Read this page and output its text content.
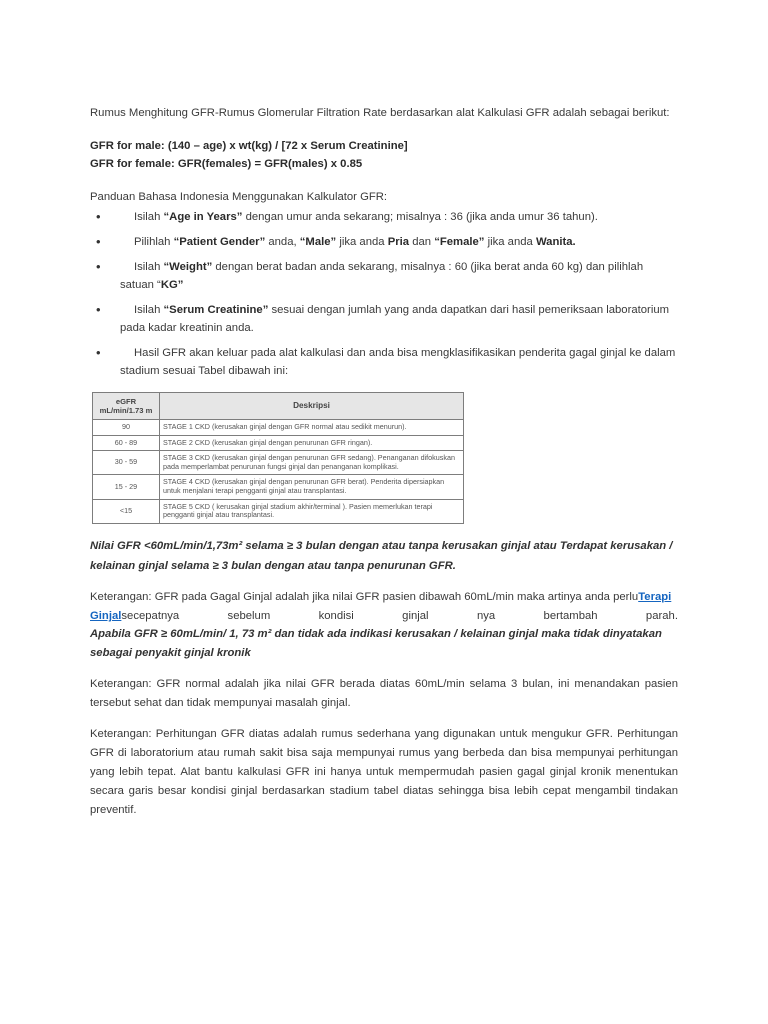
Rumus Menghitung GFR-Rumus Glomerular Filtration Rate berdasarkan alat Kalkulasi GFR adalah sebagai berikut:

GFR for male: (140 – age) x wt(kg) / [72 x Serum Creatinine]

GFR for female: GFR(females) = GFR(males) x 0.85

Panduan Bahasa Indonesia Menggunakan Kalkulator GFR:

•	Isilah “Age in Years” dengan umur anda sekarang; misalnya : 36 (jika anda umur 36 tahun).
•	Pilihlah “Patient Gender” anda, “Male” jika anda Pria dan “Female” jika anda Wanita.
•	Isilah “Weight” dengan berat badan anda sekarang, misalnya : 60 (jika berat anda 60 kg) dan pilihlah satuan “KG”
•	Isilah “Serum Creatinine” sesuai dengan jumlah yang anda dapatkan dari hasil pemeriksaan laboratorium pada kadar kreatinin anda.
•	Hasil GFR akan keluar pada alat kalkulasi dan anda bisa mengklasifikasikan penderita gagal ginjal ke dalam stadium sesuai Tabel dibawah ini:
eGFR mL/min/1.73 m	Deskripsi
90	STAGE 1 CKD (kerusakan ginjal dengan GFR normal atau sedikit menurun).
60 - 89	STAGE 2 CKD (kerusakan ginjal dengan penurunan GFR ringan).
30 - 59	STAGE 3 CKD (kerusakan ginjal dengan penurunan GFR sedang). Penanganan difokuskan pada memperlambat penurunan fungsi ginjal dan penanganan komplikasi.
15 - 29	STAGE 4 CKD (kerusakan ginjal dengan penurunan GFR berat). Penderita dipersiapkan untuk menjalani terapi pengganti ginjal atau transplantasi.
<15	STAGE 5 CKD ( kerusakan ginjal stadium akhir/terminal ). Pasien memerlukan terapi pengganti ginjal atau transplantasi.

Nilai GFR <60mL/min/1,73m² selama ≥ 3 bulan dengan atau tanpa kerusakan ginjal atau Terdapat kerusakan / kelainan ginjal selama ≥ 3 bulan dengan atau tanpa penurunan GFR.

Keterangan: GFR pada Gagal Ginjal adalah jika nilai GFR pasien dibawah 60mL/min maka artinya anda perluTerapi
Ginjalsecepatnya	sebelum	kondisi	ginjal	nya	bertambah	parah.

Apabila GFR ≥ 60mL/min/ 1, 73 m² dan tidak ada indikasi kerusakan / kelainan ginjal maka tidak dinyatakan sebagai penyakit ginjal kronik

Keterangan: GFR normal adalah jika nilai GFR berada diatas 60mL/min selama 3 bulan, ini menandakan pasien tersebut sehat dan tidak mempunyai masalah ginjal.

Keterangan: Perhitungan GFR diatas adalah rumus sederhana yang digunakan untuk mengukur GFR. Perhitungan GFR di laboratorium atau rumah sakit bisa saja mempunyai rumus yang berbeda dan bisa mempunyai perhitungan yang lebih tepat. Alat bantu kalkulasi GFR ini hanya untuk mempermudah pasien gagal ginjal kronik menentukan secara garis besar kondisi ginjal berdasarkan stadium tabel diatas sehingga bisa lebih cepat mengambil tindakan preventif.
